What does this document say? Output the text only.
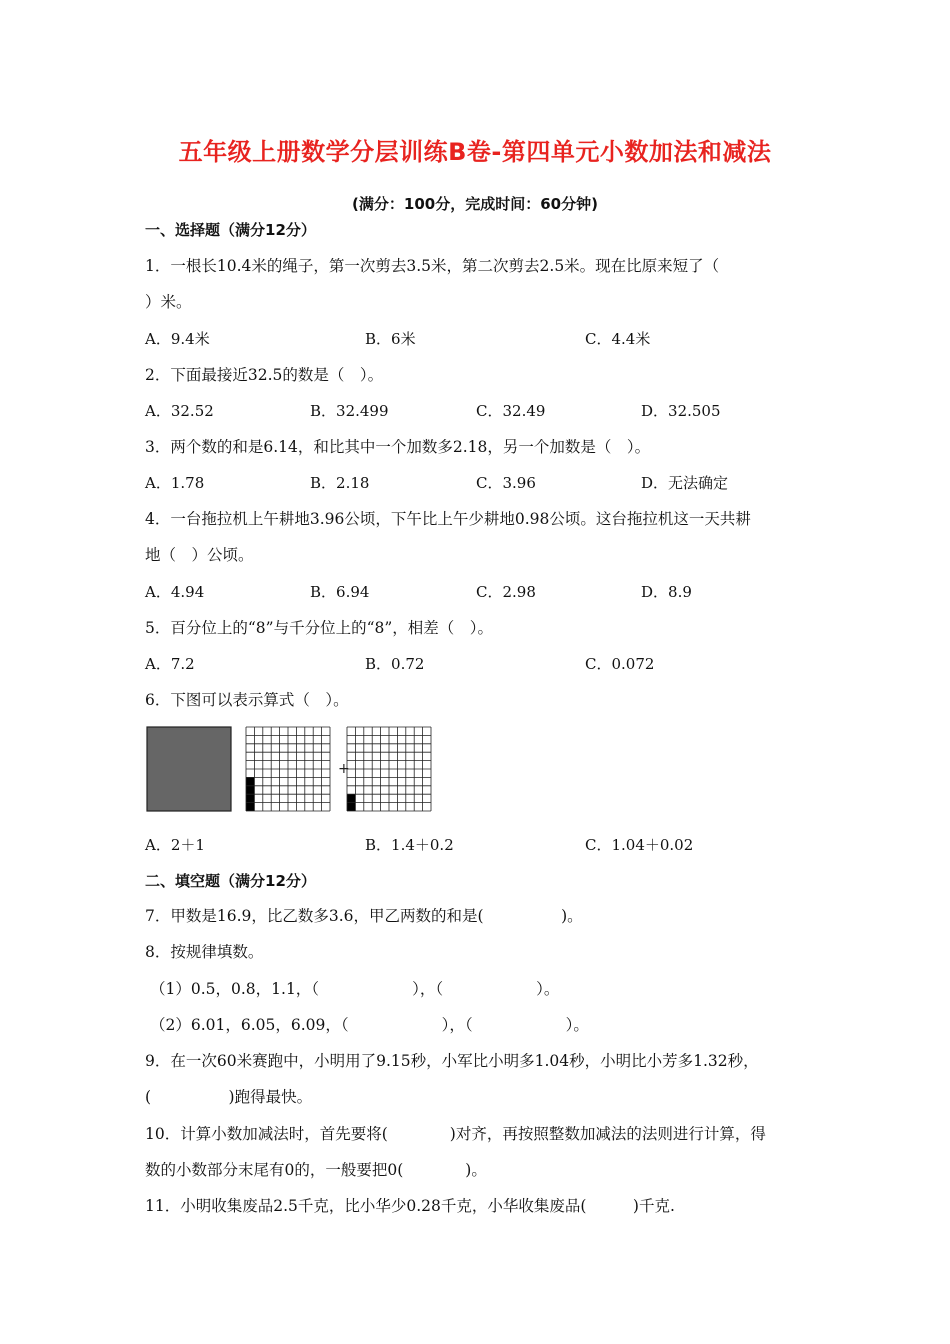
五年级上册数学分层训练B卷-第四单元小数加法和减法
(满分：100分，完成时间：60分钟)
一、选择题（满分12分）
1．一根长10.4米的绳子，第一次剪去3.5米，第二次剪去2.5米。现在比原来短了（
）米。
A．9.4米	B．6米	C．4.4米
2．下面最接近32.5的数是（　）。
A．32.52	B．32.499	C．32.49	D．32.505
3．两个数的和是6.14，和比其中一个加数多2.18，另一个加数是（　）。
A．1.78	B．2.18	C．3.96	D．无法确定
4．一台拖拉机上午耕地3.96公顷，下午比上午少耕地0.98公顷。这台拖拉机这一天共耕
地（　）公顷。
A．4.94	B．6.94	C．2.98	D．8.9
5．百分位上的“8”与千分位上的“8”，相差（　）。
A．7.2	B．0.72	C．0.072
6．下图可以表示算式（　）。
+
A．2＋1	B．1.4＋0.2	C．1.04＋0.02
二、填空题（满分12分）
7．甲数是16.9，比乙数多3.6，甲乙两数的和是(　　　　　)。
8．按规律填数。
（1）0.5，0.8，1.1，（　　　　　　），（　　　　　　）。
（2）6.01，6.05，6.09，（　　　　　　），（　　　　　　）。
9．在一次60米赛跑中，小明用了9.15秒，小军比小明多1.04秒，小明比小芳多1.32秒，
(　　　　　)跑得最快。
10．计算小数加减法时，首先要将(　　　　)对齐，再按照整数加减法的法则进行计算，得
数的小数部分末尾有0的，一般要把0(　　　　)。
11．小明收集废品2.5千克，比小华少0.28千克，小华收集废品(　　　)千克.
